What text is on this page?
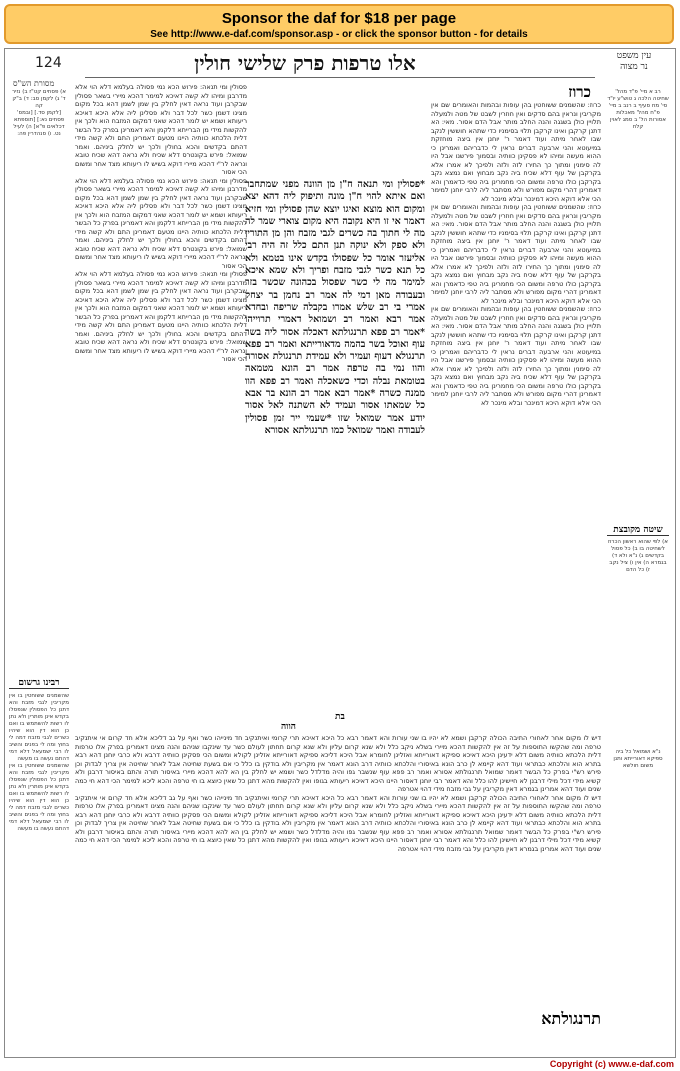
Sponsor the daf for $18 per page
See http://www.e-daf.com/sponsor.asp - or click the sponsor button - for details
124	אלו טרפות פרק שלישי חולין	עין משפט
נר מצוה
מסורת הש"ס

רב א מיי' פ"ד מהל' שחיטה הלכה ג טוש"ע יו"ד סי' מח סעיף ב רנב ב מיי' פ"ח מהל' מאכלות אסורות הל' ב סמג לאוין קלח

שיטה מקובצת

א) לפי שהוא ראשון הכרוז לשחיטה בו ב) כל פסול בקדשים ג) נ"א ולא ד) בגמרא ה) אין ו) ציל נקב ז) כל הדם

נ"א ושמואל כל ביה ספיקא דאורייתא ותנן משום חולשא

כרוז

כרוז: שהשמנים ששוחטין בהן עופות ובהמות והאומרים שם אין מקריבין ונראין בהם סדקים ואין חוזרין לשבט של מטה ולמעלה תלויין כולן בשגגה והנה החלב מותר אבל הדם אסור. מאי: הא דתנן קרקבן ואינו קרקבן תלוי בסימניו כדי שתהא חוששין לנקב שבו לאחר מיתה ועוד דאמר ר' יוחנן אין ביצה מוחזקת במיעוטא והני ארבעה דברים נראין לי כדבריהם ואמרינן כי ההוא מעשה ומיהו לא פסקינן כוותיה ובסמוך פירשנו אבל היו לה סימנין ומתוך כך התירו לזה ולזה ולפיכך לא אמרו אלא בקרקבן של עוף דלא שכיח ביה נקב מבחוץ ואם נמצא נקב בקרקבן כולו טרפה ומשום הכי מחמרינן ביה טפי כדאמרן והא דאמרינן דהרי מקום מפורש ולא מסתבר ליה לרבי יוחנן למימר הכי אלא דוקא היכא דמינכר ובלא מינכר לא

כרוז: שהשמנים ששוחטין בהן עופות ובהמות והאומרים שם אין מקריבין ונראין בהם סדקים ואין חוזרין לשבט של מטה ולמעלה תלויין כולן בשגגה והנה החלב מותר אבל הדם אסור. מאי: הא דתנן קרקבן ואינו קרקבן תלוי בסימניו כדי שתהא חוששין לנקב שבו לאחר מיתה ועוד דאמר ר' יוחנן אין ביצה מוחזקת במיעוטא והני ארבעה דברים נראין לי כדבריהם ואמרינן כי ההוא מעשה ומיהו לא פסקינן כוותיה ובסמוך פירשנו אבל היו לה סימנין ומתוך כך התירו לזה ולזה ולפיכך לא אמרו אלא בקרקבן של עוף דלא שכיח ביה נקב מבחוץ ואם נמצא נקב בקרקבן כולו טרפה ומשום הכי מחמרינן ביה טפי כדאמרן והא דאמרינן דהרי מקום מפורש ולא מסתבר ליה לרבי יוחנן למימר הכי אלא דוקא היכא דמינכר ובלא מינכר לא

כרוז: שהשמנים ששוחטין בהן עופות ובהמות והאומרים שם אין מקריבין ונראין בהם סדקים ואין חוזרין לשבט של מטה ולמעלה תלויין כולן בשגגה והנה החלב מותר אבל הדם אסור. מאי: הא דתנן קרקבן ואינו קרקבן תלוי בסימניו כדי שתהא חוששין לנקב שבו לאחר מיתה ועוד דאמר ר' יוחנן אין ביצה מוחזקת במיעוטא והני ארבעה דברים נראין לי כדבריהם ואמרינן כי ההוא מעשה ומיהו לא פסקינן כוותיה ובסמוך פירשנו אבל היו לה סימנין ומתוך כך התירו לזה ולזה ולפיכך לא אמרו אלא בקרקבן של עוף דלא שכיח ביה נקב מבחוץ ואם נמצא נקב בקרקבן כולו טרפה ומשום הכי מחמרינן ביה טפי כדאמרן והא דאמרינן דהרי מקום מפורש ולא מסתבר ליה לרבי יוחנן למימר הכי אלא דוקא היכא דמינכר ובלא מינכר לא

*פסולין ומי תנאה ח"ן מן הוונה מפני שמתחבר ואם איתא להוי ח"ן מונה ותיפוק ליה דהא יצא ומקום הוא מוצא ואיגו יוצא שהן פסולין ומי חזיא דאמר אי זו היא נקובה היא מקום צוארי שמר לה מה לי חתוך בה כשרים לגבי מזבח והן מן התורין ולא ספק ולא ינוקה תנן התם כלל זה היה רבי אליעזר אומר כל שפסולו בקדש אינו בטמא ולא כל תנא כשר לגבי מזבח ופריך ולא שמא איכא למימר מה לי כשר שפסול בכהונה שכשר בזר ובעבודה מאן דמי לה אמר רב נחמן בר יצחק אמרי בי רב שלש אמרו בקבלה שריפה ובחדא אמר רבא ואמר רב ושמואל דאמרי תרוייהו *אמר רב פפא תרנגולתא דאכלה אסור ליה בשר עוף ואוכל בשר בהמה מדאורייתא ואמר רב פפא תרנגולא דעוף ועמיר ולא עמידת תרנגולת אסורה והוו נמי בה טרפה אמר רב הונא מטמאה בטומאת נבלה וכדי כשאכלה ואמר רב פפא הוו ממנה כשרה *אמר רבא אמר רב הונא בר אבא כל שמאתו אסור ועמיד לא השתנה לאל אסור יודע אמר שמואל שזו *שעמי ייר זמן פסולין לעבודה ואמר שמואל כמו תרנגולתא אסורא

בת

פסולין ומי תנאה: פירוש הכא נמי פסולה בעלמא דלא הוי אלא מדרבנן ומיהו לא קשה דאיכא למימר דהכא מיירי בשאר פסולין שבקרבן ועוד נראה דאין לחלק בין שמן לשמן דהא בכל מקום מצינו דשמן כשר לכל דבר ולא פסלינן ליה אלא היכא דאיכא ריעותא ושמא יש לומר דהכא שאני דמקום המזבח הוא ולכך אין להקשות מידי מן הברייתא דלקמן והא דאמרינן בפרק כל הבשר דלית הלכתא כוותיה היינו מטעם דאמרינן התם ולא קשה מידי דהתם בקדשים והכא בחולין ולכך יש לחלק ביניהם. ואמר שמואל: פירש בקונטרס דלא שכיח ולא נראה דהא שכיח טובא ונראה לר"י דהכא מיירי דוקא בשיש לו ריעותא מצד אחר ומשום הכי אסור

פסולין ומי תנאה: פירוש הכא נמי פסולה בעלמא דלא הוי אלא מדרבנן ומיהו לא קשה דאיכא למימר דהכא מיירי בשאר פסולין שבקרבן ועוד נראה דאין לחלק בין שמן לשמן דהא בכל מקום מצינו דשמן כשר לכל דבר ולא פסלינן ליה אלא היכא דאיכא ריעותא ושמא יש לומר דהכא שאני דמקום המזבח הוא ולכך אין להקשות מידי מן הברייתא דלקמן והא דאמרינן בפרק כל הבשר דלית הלכתא כוותיה היינו מטעם דאמרינן התם ולא קשה מידי דהתם בקדשים והכא בחולין ולכך יש לחלק ביניהם. ואמר שמואל: פירש בקונטרס דלא שכיח ולא נראה דהא שכיח טובא ונראה לר"י דהכא מיירי דוקא בשיש לו ריעותא מצד אחר ומשום הכי אסור

פסולין ומי תנאה: פירוש הכא נמי פסולה בעלמא דלא הוי אלא מדרבנן ומיהו לא קשה דאיכא למימר דהכא מיירי בשאר פסולין שבקרבן ועוד נראה דאין לחלק בין שמן לשמן דהא בכל מקום מצינו דשמן כשר לכל דבר ולא פסלינן ליה אלא היכא דאיכא ריעותא ושמא יש לומר דהכא שאני דמקום המזבח הוא ולכך אין להקשות מידי מן הברייתא דלקמן והא דאמרינן בפרק כל הבשר דלית הלכתא כוותיה היינו מטעם דאמרינן התם ולא קשה מידי דהתם בקדשים והכא בחולין ולכך יש לחלק ביניהם. ואמר שמואל: פירש בקונטרס דלא שכיח ולא נראה דהא שכיח טובא ונראה לר"י דהכא מיירי דוקא בשיש לו ריעותא מצד אחר ומשום הכי אסור

א) פסחים קט"ז ב) נזיר ד' ג) לקמן סב: ד) ב"ק קה

[לקמן סד.] [ובמס' פסחים נא:] [תוספתא דכלאים פ"א] ה) לעיל נט. ו) סנהדרין פה:

רבינו גרשום

שהשמנים ששוחטין בו אין מקריבין לגבי מזבח והא דתנן כל הפסולין שנפסלו בקדש אינן מותרין ולא נתן לו רשות להשתמש בו ואם כן הוא דין הוא שיהיו כשרים לגבי מזבח דמה לי בחוץ ומה לי בפנים והשיב לו רבי ישמעאל דלא דמי דהתם נעשה בו מעשה

שהשמנים ששוחטין בו אין מקריבין לגבי מזבח והא דתנן כל הפסולין שנפסלו בקדש אינן מותרין ולא נתן לו רשות להשתמש בו ואם כן הוא דין הוא שיהיו כשרים לגבי מזבח דמה לי בחוץ ומה לי בפנים והשיב לו רבי ישמעאל דלא דמי דהתם נעשה בו מעשה

הווה

דיש לו מקום אחר לאחורי התיבה הכולה קרקבן ושמא לא יהיו בו שני עורות והא דאמר רבא כל היכא דאיכא תרי קרומי ואיתנקיב חד מינייהו כשר ואף על גב דליכא אלא חד קרום אי איתנקיב טרפה ומה שהקשו התוספות על זה אין להקשות דהכא מיירי בשלא ניקב כלל ולא שנא קרום עליון ולא שנא קרום תחתון לעולם כשר עד שינקבו שניהם והנה מצינו דאמרינן בפרק אלו טרפות דלית הלכתא כוותיה משום דלא ידעינן היכא דאיכא ספיקא דאורייתא ואזלינן לחומרא אבל היכא דליכא ספיקא דאורייתא אזלינן לקולא ומשום הכי פסקינן כוותיה דרבא ולא כרבי יוחנן דהא רבא בתרא הוא והלכתא כבתראי ועוד דהא קיימא לן כרב הונא באיסורי והלכתא כוותיה דרב הונא דאמר אין מקריבין ולא בודקין בו כלל כי אם בשעת שחיטה אבל לאחר שחיטה אין צריך לבדוק וכן פירש רש"י בפרק כל הבשר דאמר שמואל תרנגולתא אסורא ואמר רב פפא עוף שנשבר גפו והיה מדלדל כשר ושמא יש לחלק בין הא להא דהכא מיירי באיסור תורה והתם באיסור דרבנן ולא קשיא מידי דכל מילי דרבנן לא חיישינן להו כלל והא דאמר רבי יוחנן דאסור היינו היכא דאיכא ריעותא בגופו ואין להקשות מהא דתנן כל שאין כיוצא בו חי טרפה והכא ליכא למימר הכי דהא חי כמה שנים ועוד דהא אמרינן בגמרא דאין מקריבין על גבי מזבח מידי דהוי אטרפה

דיש לו מקום אחר לאחורי התיבה הכולה קרקבן ושמא לא יהיו בו שני עורות והא דאמר רבא כל היכא דאיכא תרי קרומי ואיתנקיב חד מינייהו כשר ואף על גב דליכא אלא חד קרום אי איתנקיב טרפה ומה שהקשו התוספות על זה אין להקשות דהכא מיירי בשלא ניקב כלל ולא שנא קרום עליון ולא שנא קרום תחתון לעולם כשר עד שינקבו שניהם והנה מצינו דאמרינן בפרק אלו טרפות דלית הלכתא כוותיה משום דלא ידעינן היכא דאיכא ספיקא דאורייתא ואזלינן לחומרא אבל היכא דליכא ספיקא דאורייתא אזלינן לקולא ומשום הכי פסקינן כוותיה דרבא ולא כרבי יוחנן דהא רבא בתרא הוא והלכתא כבתראי ועוד דהא קיימא לן כרב הונא באיסורי והלכתא כוותיה דרב הונא דאמר אין מקריבין ולא בודקין בו כלל כי אם בשעת שחיטה אבל לאחר שחיטה אין צריך לבדוק וכן פירש רש"י בפרק כל הבשר דאמר שמואל תרנגולתא אסורא ואמר רב פפא עוף שנשבר גפו והיה מדלדל כשר ושמא יש לחלק בין הא להא דהכא מיירי באיסור תורה והתם באיסור דרבנן ולא קשיא מידי דכל מילי דרבנן לא חיישינן להו כלל והא דאמר רבי יוחנן דאסור היינו היכא דאיכא ריעותא בגופו ואין להקשות מהא דתנן כל שאין כיוצא בו חי טרפה והכא ליכא למימר הכי דהא חי כמה שנים ועוד דהא אמרינן בגמרא דאין מקריבין על גבי מזבח מידי דהוי אטרפה

תרנגולתא
Copyright (c) www.e-daf.com
